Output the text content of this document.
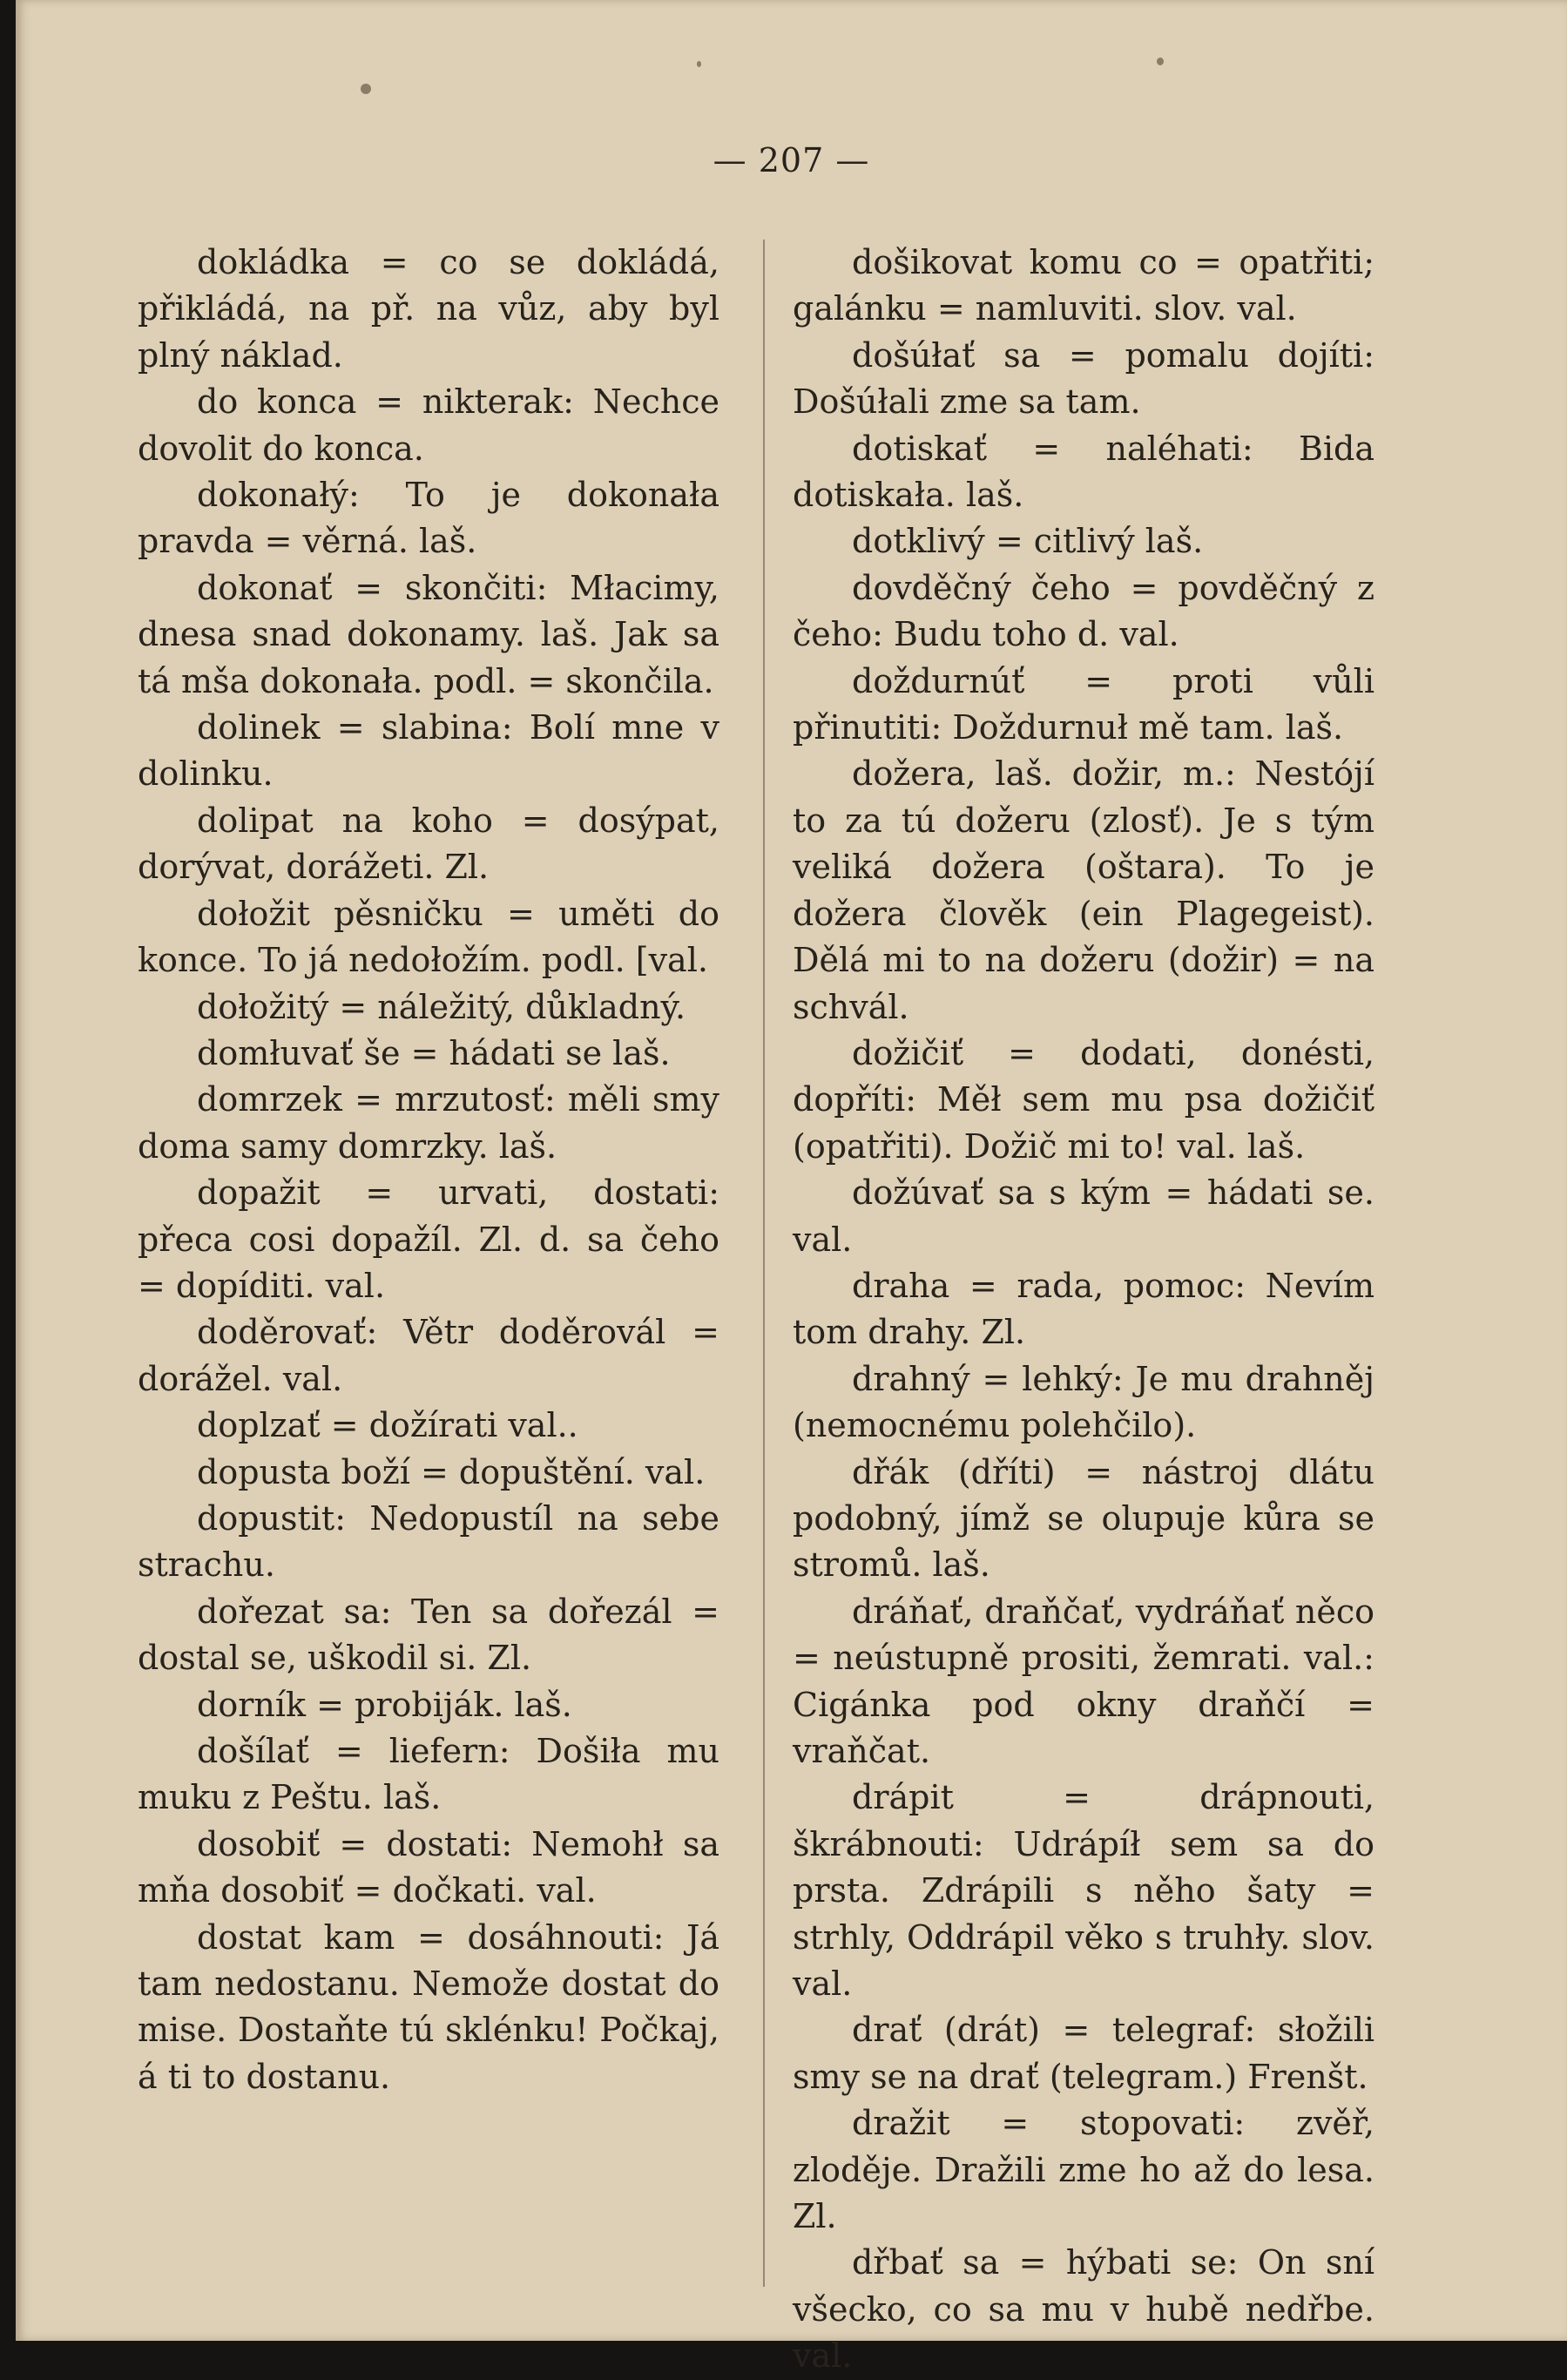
— 207 —

dokládka = co se dokládá, přikládá, na př. na vůz, aby byl plný náklad.

do konca = nikterak: Nechce dovolit do konca.

dokonałý: To je dokonała pravda = věrná. laš.

dokonať = skončiti: Młacimy, dnesa snad dokonamy. laš. Jak sa tá mša dokonała. podl. = skončila.

dolinek = slabina: Bolí mne v dolinku.

dolipat na koho = dosýpat, dorývat, dorážeti. Zl.

dołožit pěsničku = uměti do konce. To já nedołožím. podl. [val.

dołožitý = náležitý, důkladný.

domłuvať še = hádati se laš.

domrzek = mrzutosť: měli smy doma samy domrzky. laš.

dopažit = urvati, dostati: přeca cosi dopažíl. Zl. d. sa čeho = dopíditi. val.

doděrovať: Větr doděrovál = dorážel. val.

doplzať = dožírati val..

dopusta boží = dopuštění. val.

dopustit: Nedopustíl na sebe strachu.

dořezat sa: Ten sa dořezál = dostal se, uškodil si. Zl.

dorník = probiják. laš.

došílať = liefern: Došiła mu muku z Peštu. laš.

dosobiť = dostati: Nemohł sa mňa dosobiť = dočkati. val.

dostat kam = dosáhnouti: Já tam nedostanu. Nemože dostat do mise. Dostaňte tú sklénku! Počkaj, á ti to dostanu.

došikovat komu co = opatřiti; galánku = namluviti. slov. val.

došúłať sa = pomalu dojíti: Došúłali zme sa tam.

dotiskať = naléhati: Bida dotiskała. laš.

dotklivý = citlivý laš.

dovděčný čeho = povděčný z čeho: Budu toho d. val.

doždurnúť = proti vůli přinutiti: Doždurnuł mě tam. laš.

dožera, laš. dožir, m.: Nestójí to za tú dožeru (zlosť). Je s tým veliká dožera (oštara). To je dožera člověk (ein Plagegeist). Dělá mi to na dožeru (dožir) = na schvál.

dožičiť = dodati, donésti, dopříti: Měł sem mu psa dožičiť (opatřiti). Dožič mi to! val. laš.

dožúvať sa s kým = hádati se. val.

draha = rada, pomoc: Nevím tom drahy. Zl.

drahný = lehký: Je mu drahněj (nemocnému polehčilo).

dřák (dříti) = nástroj dlátu podobný, jímž se olupuje kůra se stromů. laš.

dráňať, draňčať, vydráňať něco = neústupně prositi, žemrati. val.: Cigánka pod okny draňčí = vraňčat.

drápit = drápnouti, škrábnouti: Udrápíł sem sa do prsta. Zdrápili s něho šaty = strhly, Oddrápil věko s truhły. slov. val.

drať (drát) = telegraf: słožili smy se na drať (telegram.) Frenšt.

dražit = stopovati: zvěř, zloděje. Dražili zme ho až do lesa. Zl.

dřbať sa = hýbati se: On sní všecko, co sa mu v hubě nedřbe. val.
